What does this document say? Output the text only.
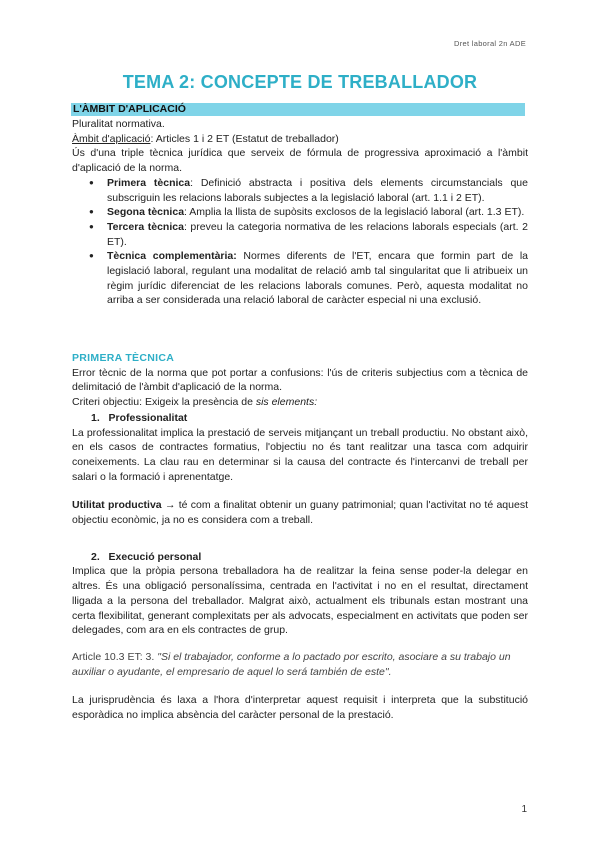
Dret laboral 2n ADE
TEMA 2: CONCEPTE DE TREBALLADOR
L'ÀMBIT D'APLICACIÓ
Pluralitat normativa.
Àmbit d'aplicació: Articles 1 i 2 ET (Estatut de treballador)
Ús d'una triple tècnica jurídica que serveix de fórmula de progressiva aproximació a l'àmbit d'aplicació de la norma.
● Primera tècnica: Definició abstracta i positiva dels elements circumstancials que subscriguin les relacions laborals subjectes a la legislació laboral (art. 1.1 i 2 ET).
● Segona tècnica: Amplia la llista de supòsits exclosos de la legislació laboral (art. 1.3 ET).
● Tercera tècnica: preveu la categoria normativa de les relacions laborals especials (art. 2 ET).
● Tècnica complementària: Normes diferents de l'ET, encara que formin part de la legislació laboral, regulant una modalitat de relació amb tal singularitat que li atribueix un règim jurídic diferenciat de les relacions laborals comunes. Però, aquesta modalitat no arriba a ser considerada una relació laboral de caràcter especial ni una exclusió.
PRIMERA TÈCNICA
Error tècnic de la norma que pot portar a confusions: l'ús de criteris subjectius com a tècnica de delimitació de l'àmbit d'aplicació de la norma.
Criteri objectiu: Exigeix la presència de sis elements:
1. Professionalitat
La professionalitat implica la prestació de serveis mitjançant un treball productiu. No obstant això, en els casos de contractes formatius, l'objectiu no és tant realitzar una tasca com adquirir coneixements. La clau rau en determinar si la causa del contracte és l'intercanvi de treball per salari o la formació i aprenentatge.
Utilitat productiva → té com a finalitat obtenir un guany patrimonial; quan l'activitat no té aquest objectiu econòmic, ja no es considera com a treball.
2. Execució personal
Implica que la pròpia persona treballadora ha de realitzar la feina sense poder-la delegar en altres. És una obligació personalíssima, centrada en l'activitat i no en el resultat, directament lligada a la persona del treballador. Malgrat això, actualment els tribunals estan mostrant una certa flexibilitat, generant complexitats per als advocats, especialment en activitats que poden ser delegades, com ara en els contractes de grup.
Article 10.3 ET: 3. "Si el trabajador, conforme a lo pactado por escrito, asociare a su trabajo un auxiliar o ayudante, el empresario de aquel lo será también de este".
La jurisprudència és laxa a l'hora d'interpretar aquest requisit i interpreta que la substitució esporàdica no implica absència del caràcter personal de la prestació.
1
